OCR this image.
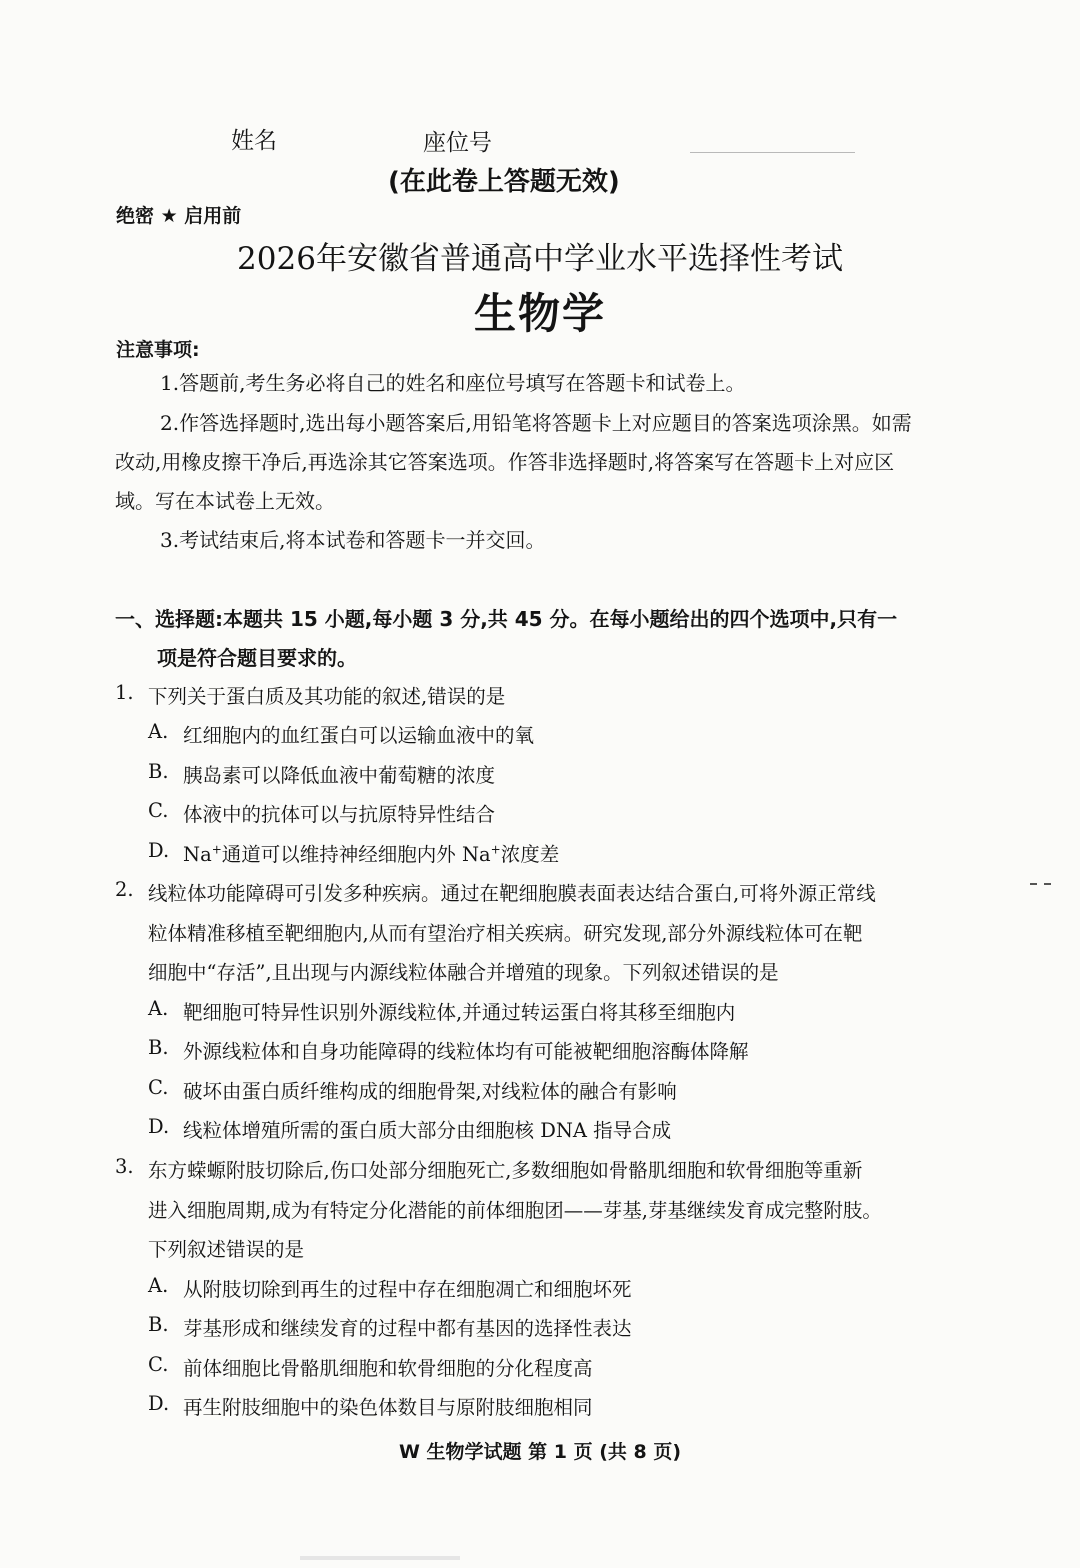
姓名	座位号
(在此卷上答题无效)
绝密 ★ 启用前
2026年安徽省普通高中学业水平选择性考试
生物学
注意事项:
1.答题前,考生务必将自己的姓名和座位号填写在答题卡和试卷上。
2.作答选择题时,选出每小题答案后,用铅笔将答题卡上对应题目的答案选项涂黑。如需
改动,用橡皮擦干净后,再选涂其它答案选项。作答非选择题时,将答案写在答题卡上对应区
域。写在本试卷上无效。
3.考试结束后,将本试卷和答题卡一并交回。
一、选择题:本题共 15 小题,每小题 3 分,共 45 分。在每小题给出的四个选项中,只有一
项是符合题目要求的。
1. 下列关于蛋白质及其功能的叙述,错误的是
A. 红细胞内的血红蛋白可以运输血液中的氧
B. 胰岛素可以降低血液中葡萄糖的浓度
C. 体液中的抗体可以与抗原特异性结合
D. Na+通道可以维持神经细胞内外 Na+浓度差
2. 线粒体功能障碍可引发多种疾病。通过在靶细胞膜表面表达结合蛋白,可将外源正常线
粒体精准移植至靶细胞内,从而有望治疗相关疾病。研究发现,部分外源线粒体可在靶
细胞中“存活”,且出现与内源线粒体融合并增殖的现象。下列叙述错误的是
A. 靶细胞可特异性识别外源线粒体,并通过转运蛋白将其移至细胞内
B. 外源线粒体和自身功能障碍的线粒体均有可能被靶细胞溶酶体降解
C. 破坏由蛋白质纤维构成的细胞骨架,对线粒体的融合有影响
D. 线粒体增殖所需的蛋白质大部分由细胞核 DNA 指导合成
3. 东方蝾螈附肢切除后,伤口处部分细胞死亡,多数细胞如骨骼肌细胞和软骨细胞等重新
进入细胞周期,成为有特定分化潜能的前体细胞团——芽基,芽基继续发育成完整附肢。
下列叙述错误的是
A. 从附肢切除到再生的过程中存在细胞凋亡和细胞坏死
B. 芽基形成和继续发育的过程中都有基因的选择性表达
C. 前体细胞比骨骼肌细胞和软骨细胞的分化程度高
D. 再生附肢细胞中的染色体数目与原附肢细胞相同
W 生物学试题 第 1 页 (共 8 页)
